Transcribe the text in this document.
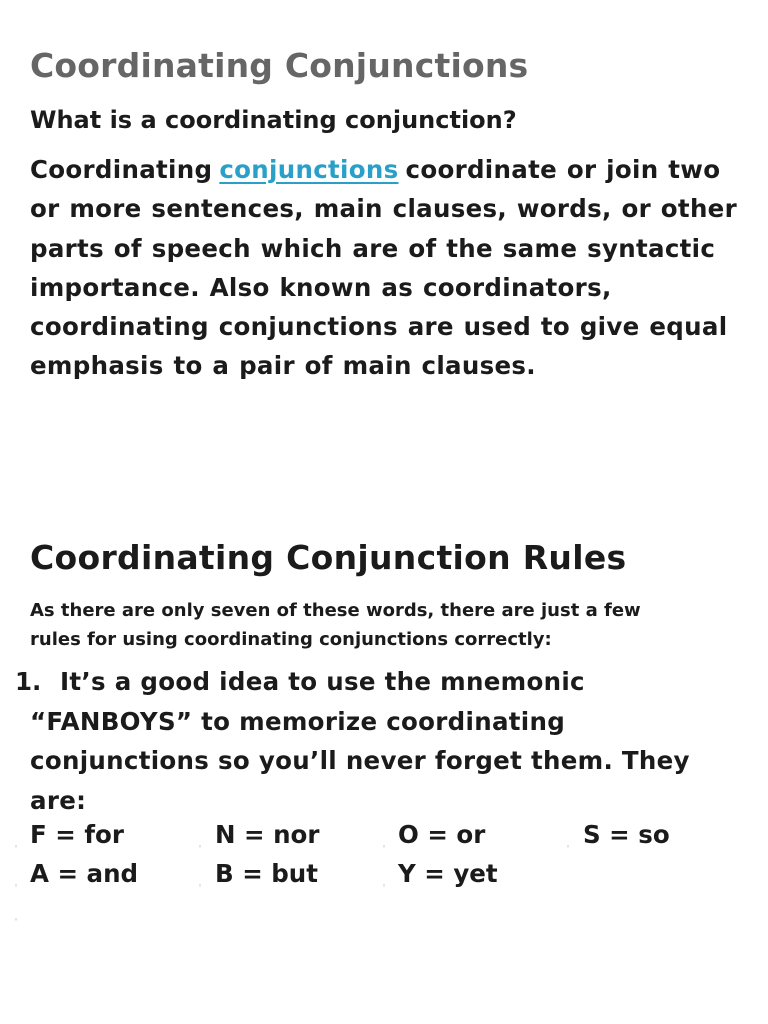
Coordinating Conjunctions
What is a coordinating conjunction?

Coordinating conjunctions coordinate or join two or more sentences, main clauses, words, or other parts of speech which are of the same syntactic importance. Also known as coordinators, coordinating conjunctions are used to give equal emphasis to a pair of main clauses.

Coordinating Conjunction Rules

As there are only seven of these words, there are just a few
rules for using coordinating conjunctions correctly:

1. It’s a good idea to use the mnemonic “FANBOYS” to memorize coordinating conjunctions so you’ll never forget them. They are:

◦ F = for	◦ N = nor	◦ O = or	◦ S = so
◦ A = and	◦ B = but	◦ Y = yet
◦
